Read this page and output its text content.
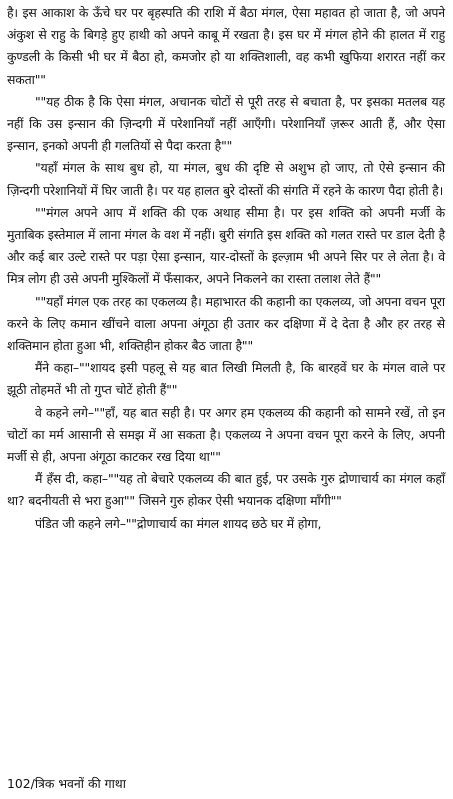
है। इस आकाश के ऊँचे घर पर बृहस्पति की राशि में बैठा मंगल, ऐसा महावत हो जाता है, जो अपने अंकुश से राहु के बिगड़े हुए हाथी को अपने काबू में रखता है। इस घर में मंगल होने की हालत में राहु कुण्डली के किसी भी घर में बैठा हो, कमजोर हो या शक्तिशाली, वह कभी खुफिया शरारत नहीं कर सकता""

""यह ठीक है कि ऐसा मंगल, अचानक चोटों से पूरी तरह से बचाता है, पर इसका मतलब यह नहीं कि उस इन्सान की ज़िन्दगी में परेशानियाँ नहीं आएँगी। परेशानियाँ ज़रूर आती हैं, और ऐसा इन्सान, इनको अपनी ही गलतियों से पैदा करता है""

"यहाँ मंगल के साथ बुध हो, या मंगल, बुध की दृष्टि से अशुभ हो जाए, तो ऐसे इन्सान की ज़िन्दगी परेशानियों में घिर जाती है। पर यह हालत बुरे दोस्तों की संगति में रहने के कारण पैदा होती है।

""मंगल अपने आप में शक्ति की एक अथाह सीमा है। पर इस शक्ति को अपनी मर्जी के मुताबिक इस्तेमाल में लाना मंगल के वश में नहीं। बुरी संगति इस शक्ति को गलत रास्ते पर डाल देती है और कई बार उल्टे रास्ते पर पड़ा ऐसा इन्सान, यार-दोस्तों के इल्ज़ाम भी अपने सिर पर ले लेता है। वे मित्र लोग ही उसे अपनी मुश्किलों में फँसाकर, अपने निकलने का रास्ता तलाश लेते हैं""

""यहाँ मंगल एक तरह का एकलव्य है। महाभारत की कहानी का एकलव्य, जो अपना वचन पूरा करने के लिए कमान खींचने वाला अपना अंगूठा ही उतार कर दक्षिणा में दे देता है और हर तरह से शक्तिमान होता हुआ भी, शक्तिहीन होकर बैठ जाता है""

मैंने कहा–""शायद इसी पहलू से यह बात लिखी मिलती है, कि बारहवें घर के मंगल वाले पर झूठी तोहमतें भी तो गुप्त चोटें होती हैं""

वे कहने लगे–""हाँ, यह बात सही है। पर अगर हम एकलव्य की कहानी को सामने रखें, तो इन चोटों का मर्म आसानी से समझ में आ सकता है। एकलव्य ने अपना वचन पूरा करने के लिए, अपनी मर्जी से ही, अपना अंगूठा काटकर रख दिया था""

मैं हँस दी, कहा–""यह तो बेचारे एकलव्य की बात हुई, पर उसके गुरु द्रोणाचार्य का मंगल कहाँ था? बदनीयती से भरा हुआ"" जिसने गुरु होकर ऐसी भयानक दक्षिणा माँगी""

पंडित जी कहने लगे–""द्रोणाचार्य का मंगल शायद छठे घर में होगा,

102/त्रिक भवनों की गाथा
